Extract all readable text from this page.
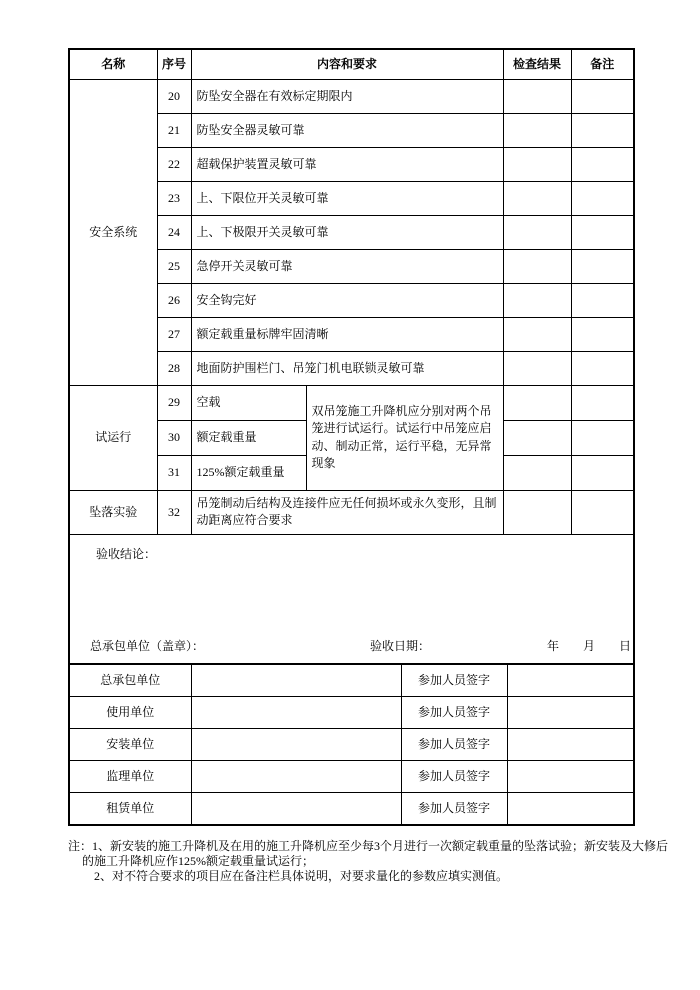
名称	序号	内容和要求		检查结果	备注
安全系统	20	防坠安全器在有效标定期限内			
	21	防坠安全器灵敏可靠			
	22	超载保护装置灵敏可靠			
	23	上、下限位开关灵敏可靠			
	24	上、下极限开关灵敏可靠			
	25	急停开关灵敏可靠			
	26	安全钩完好			
	27	额定载重量标牌牢固清晰			
	28	地面防护围栏门、吊笼门机电联锁灵敏可靠			
试运行	29	空载	双吊笼施工升降机应分别对两个吊笼进行试运行。试运行中吊笼应启动、制动正常，运行平稳，无异常现象		
	30	额定载重量			
	31	125%额定载重量			
坠落实验	32	吊笼制动后结构及连接件应无任何损坏或永久变形，且制动距离应符合要求			

验收结论：
总承包单位（盖章）： 验收日期： 年　　月　　日					
总承包单位		参加人员签字	
使用单位		参加人员签字	
安装单位		参加人员签字	
监理单位		参加人员签字	
租赁单位		参加人员签字	
注：1、新安装的施工升降机及在用的施工升降机应至少每3个月进行一次额定载重量的坠落试验；新安装及大修后的施工升降机应作125%额定载重量试运行；
2、对不符合要求的项目应在备注栏具体说明，对要求量化的参数应填实测值。
